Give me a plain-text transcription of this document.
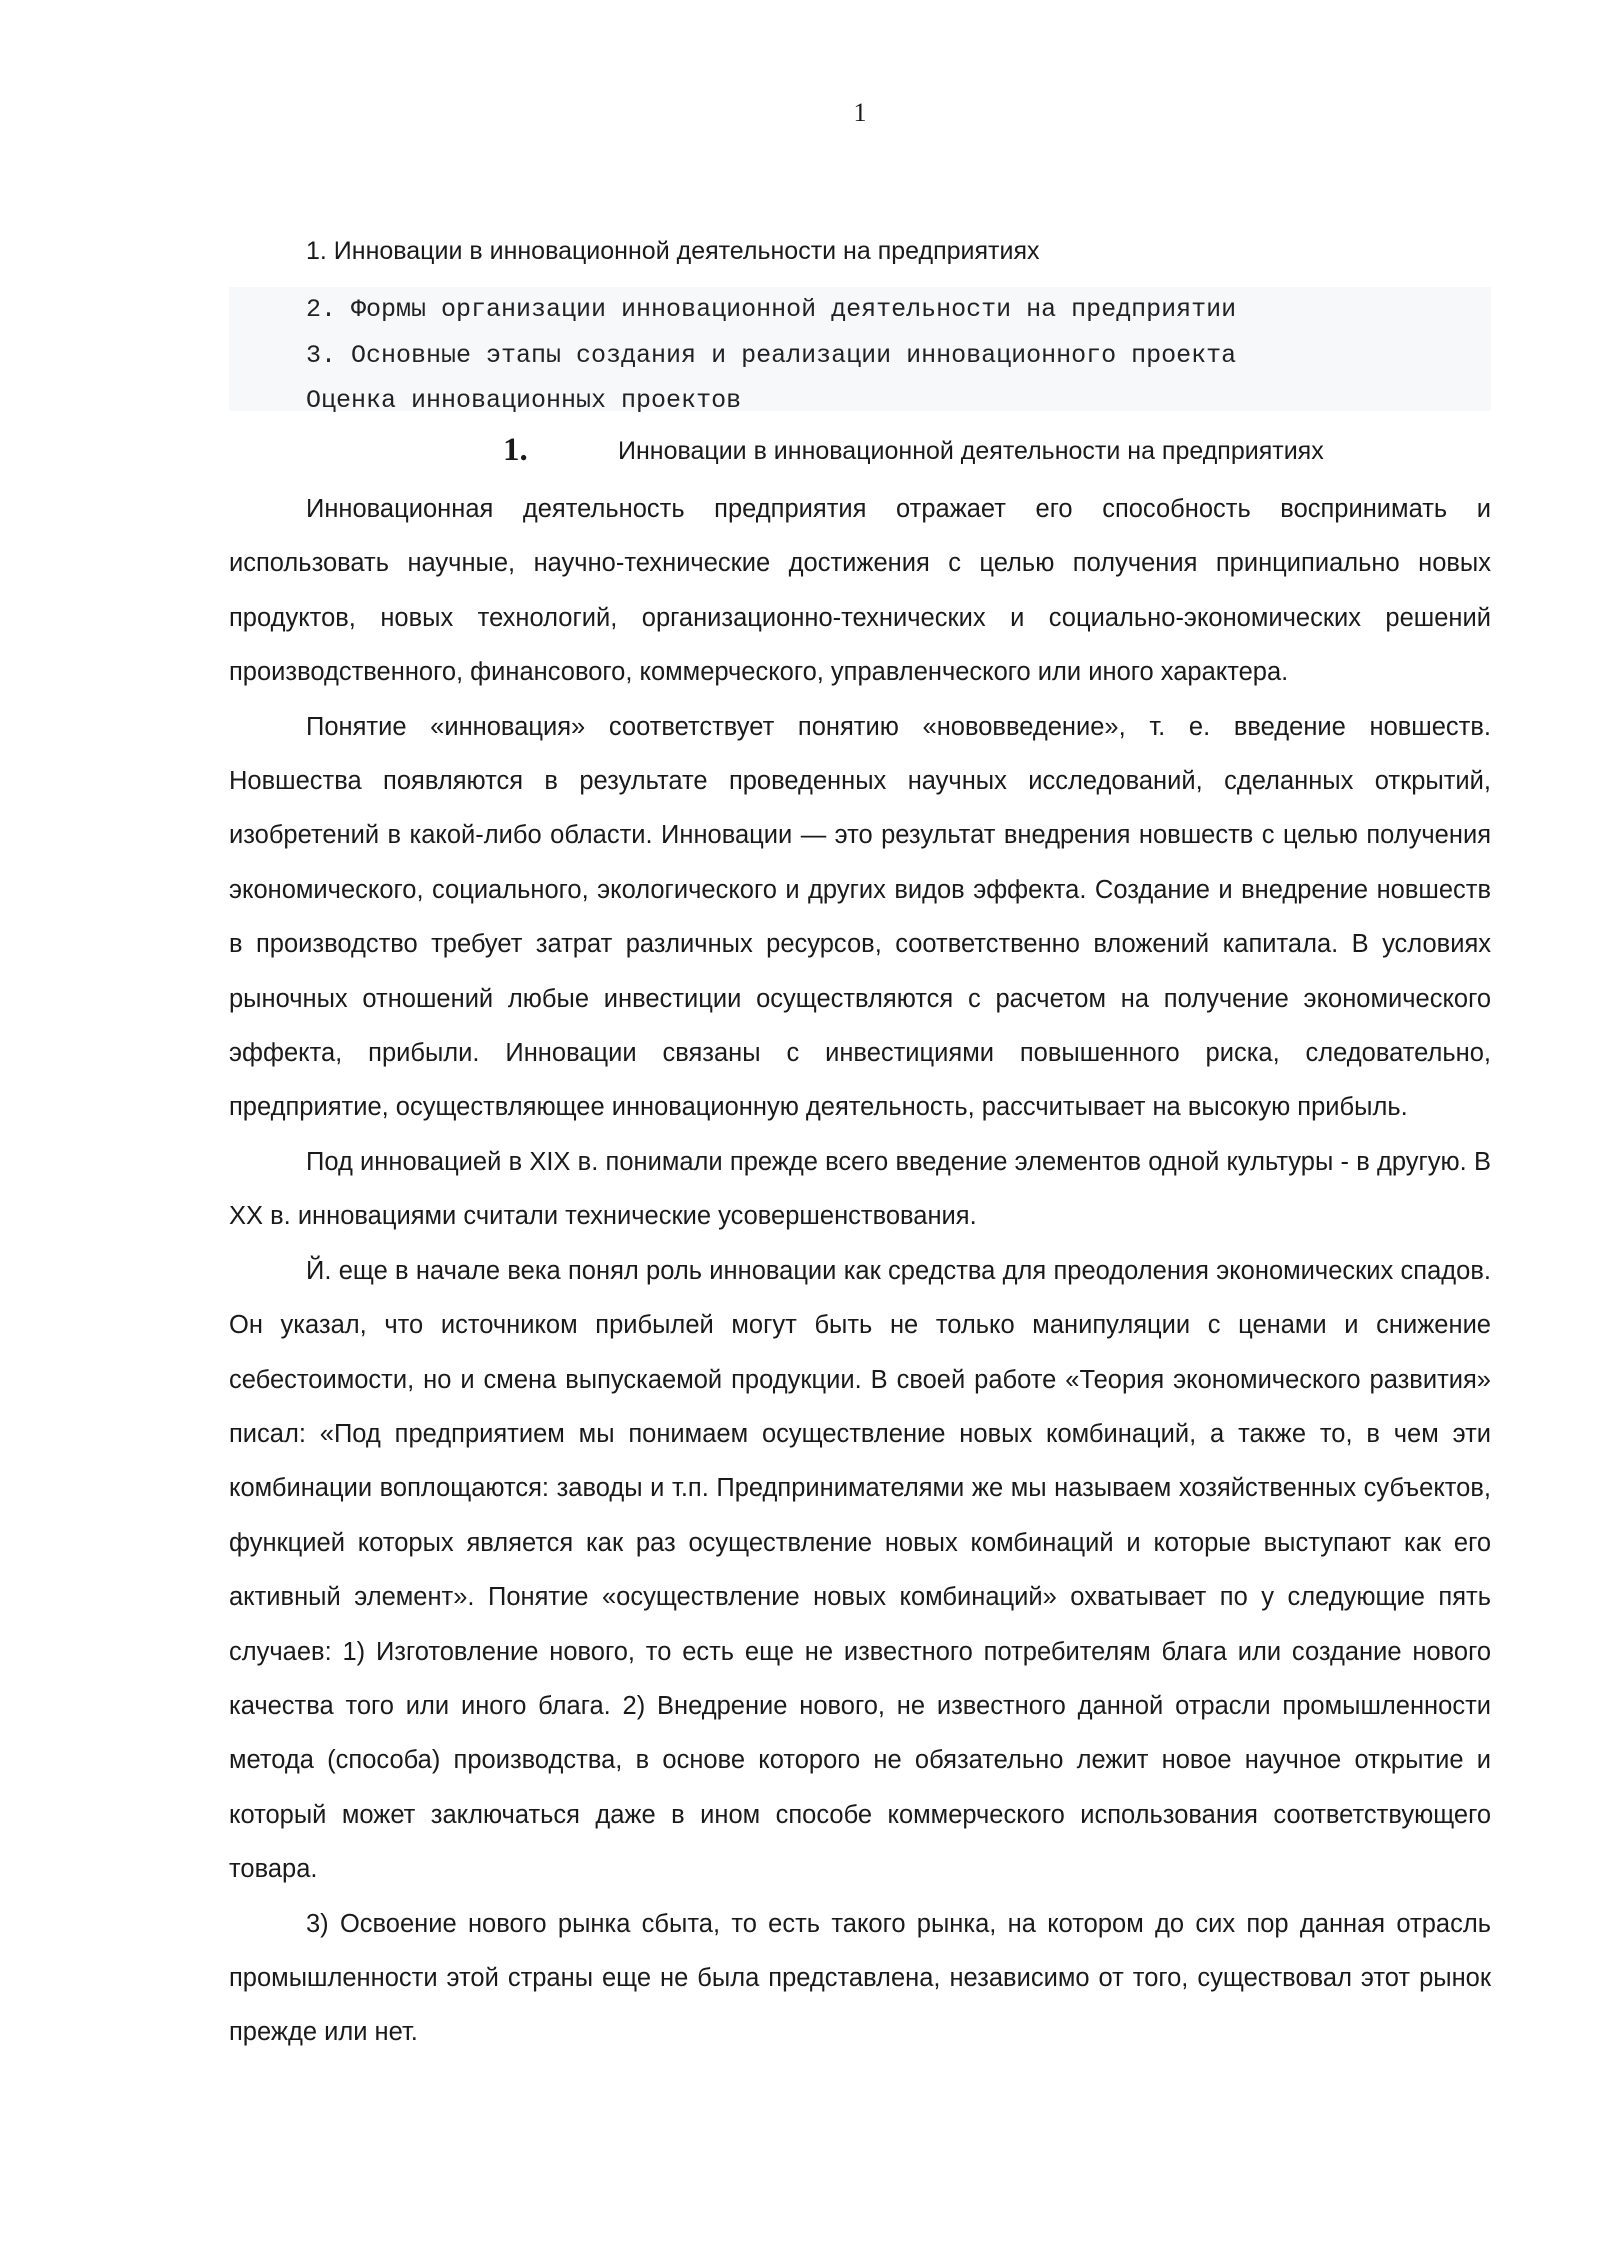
1
1. Инновации в инновационной деятельности на предприятиях
2. Формы организации инновационной деятельности на предприятии
3. Основные этапы создания и реализации инновационного проекта
Оценка инновационных проектов
1.	Инновации в инновационной деятельности на предприятиях

Инновационная деятельность предприятия отражает его способность воспринимать и использовать научные, научно-технические достижения с целью получения принципиально новых продуктов, новых технологий, организационно-технических и социально-экономических решений производственного, финансового, коммерческого, управленческого или иного характера.

Понятие «инновация» соответствует понятию «нововведение», т. е. введение новшеств. Новшества появляются в результате проведенных научных исследований, сделанных открытий, изобретений в какой-либо области. Инновации — это результат внедрения новшеств с целью получения экономического, социального, экологического и других видов эффекта. Создание и внедрение новшеств в производство требует затрат различных ресурсов, соответственно вложений капитала. В условиях рыночных отношений любые инвестиции осуществляются с расчетом на получение экономического эффекта, прибыли. Инновации связаны с инвестициями повышенного риска, следовательно, предприятие, осуществляющее инновационную деятельность, рассчитывает на высокую прибыль.

Под инновацией в XIX в. понимали прежде всего введение элементов одной культуры - в другую. В XX в. инновациями считали технические усовершенствования.

Й. еще в начале века понял роль инновации как средства для преодоления экономических спадов. Он указал, что источником прибылей могут быть не только манипуляции с ценами и снижение себестоимости, но и смена выпускаемой продукции. В своей работе «Теория экономического развития» писал: «Под предприятием мы понимаем осуществление новых комбинаций, а также то, в чем эти комбинации воплощаются: заводы и т.п. Предпринимателями же мы называем хозяйственных субъектов, функцией которых является как раз осуществление новых комбинаций и которые выступают как его активный элемент». Понятие «осуществление новых комбинаций» охватывает по у следующие пять случаев: 1) Изготовление нового, то есть еще не известного потребителям блага или создание нового качества того или иного блага. 2) Внедрение нового, не известного данной отрасли промышленности метода (способа) производства, в основе которого не обязательно лежит новое научное открытие и который может заключаться даже в ином способе коммерческого использования соответствующего товара.

3) Освоение нового рынка сбыта, то есть такого рынка, на котором до сих пор данная отрасль промышленности этой страны еще не была представлена, независимо от того, существовал этот рынок прежде или нет.
